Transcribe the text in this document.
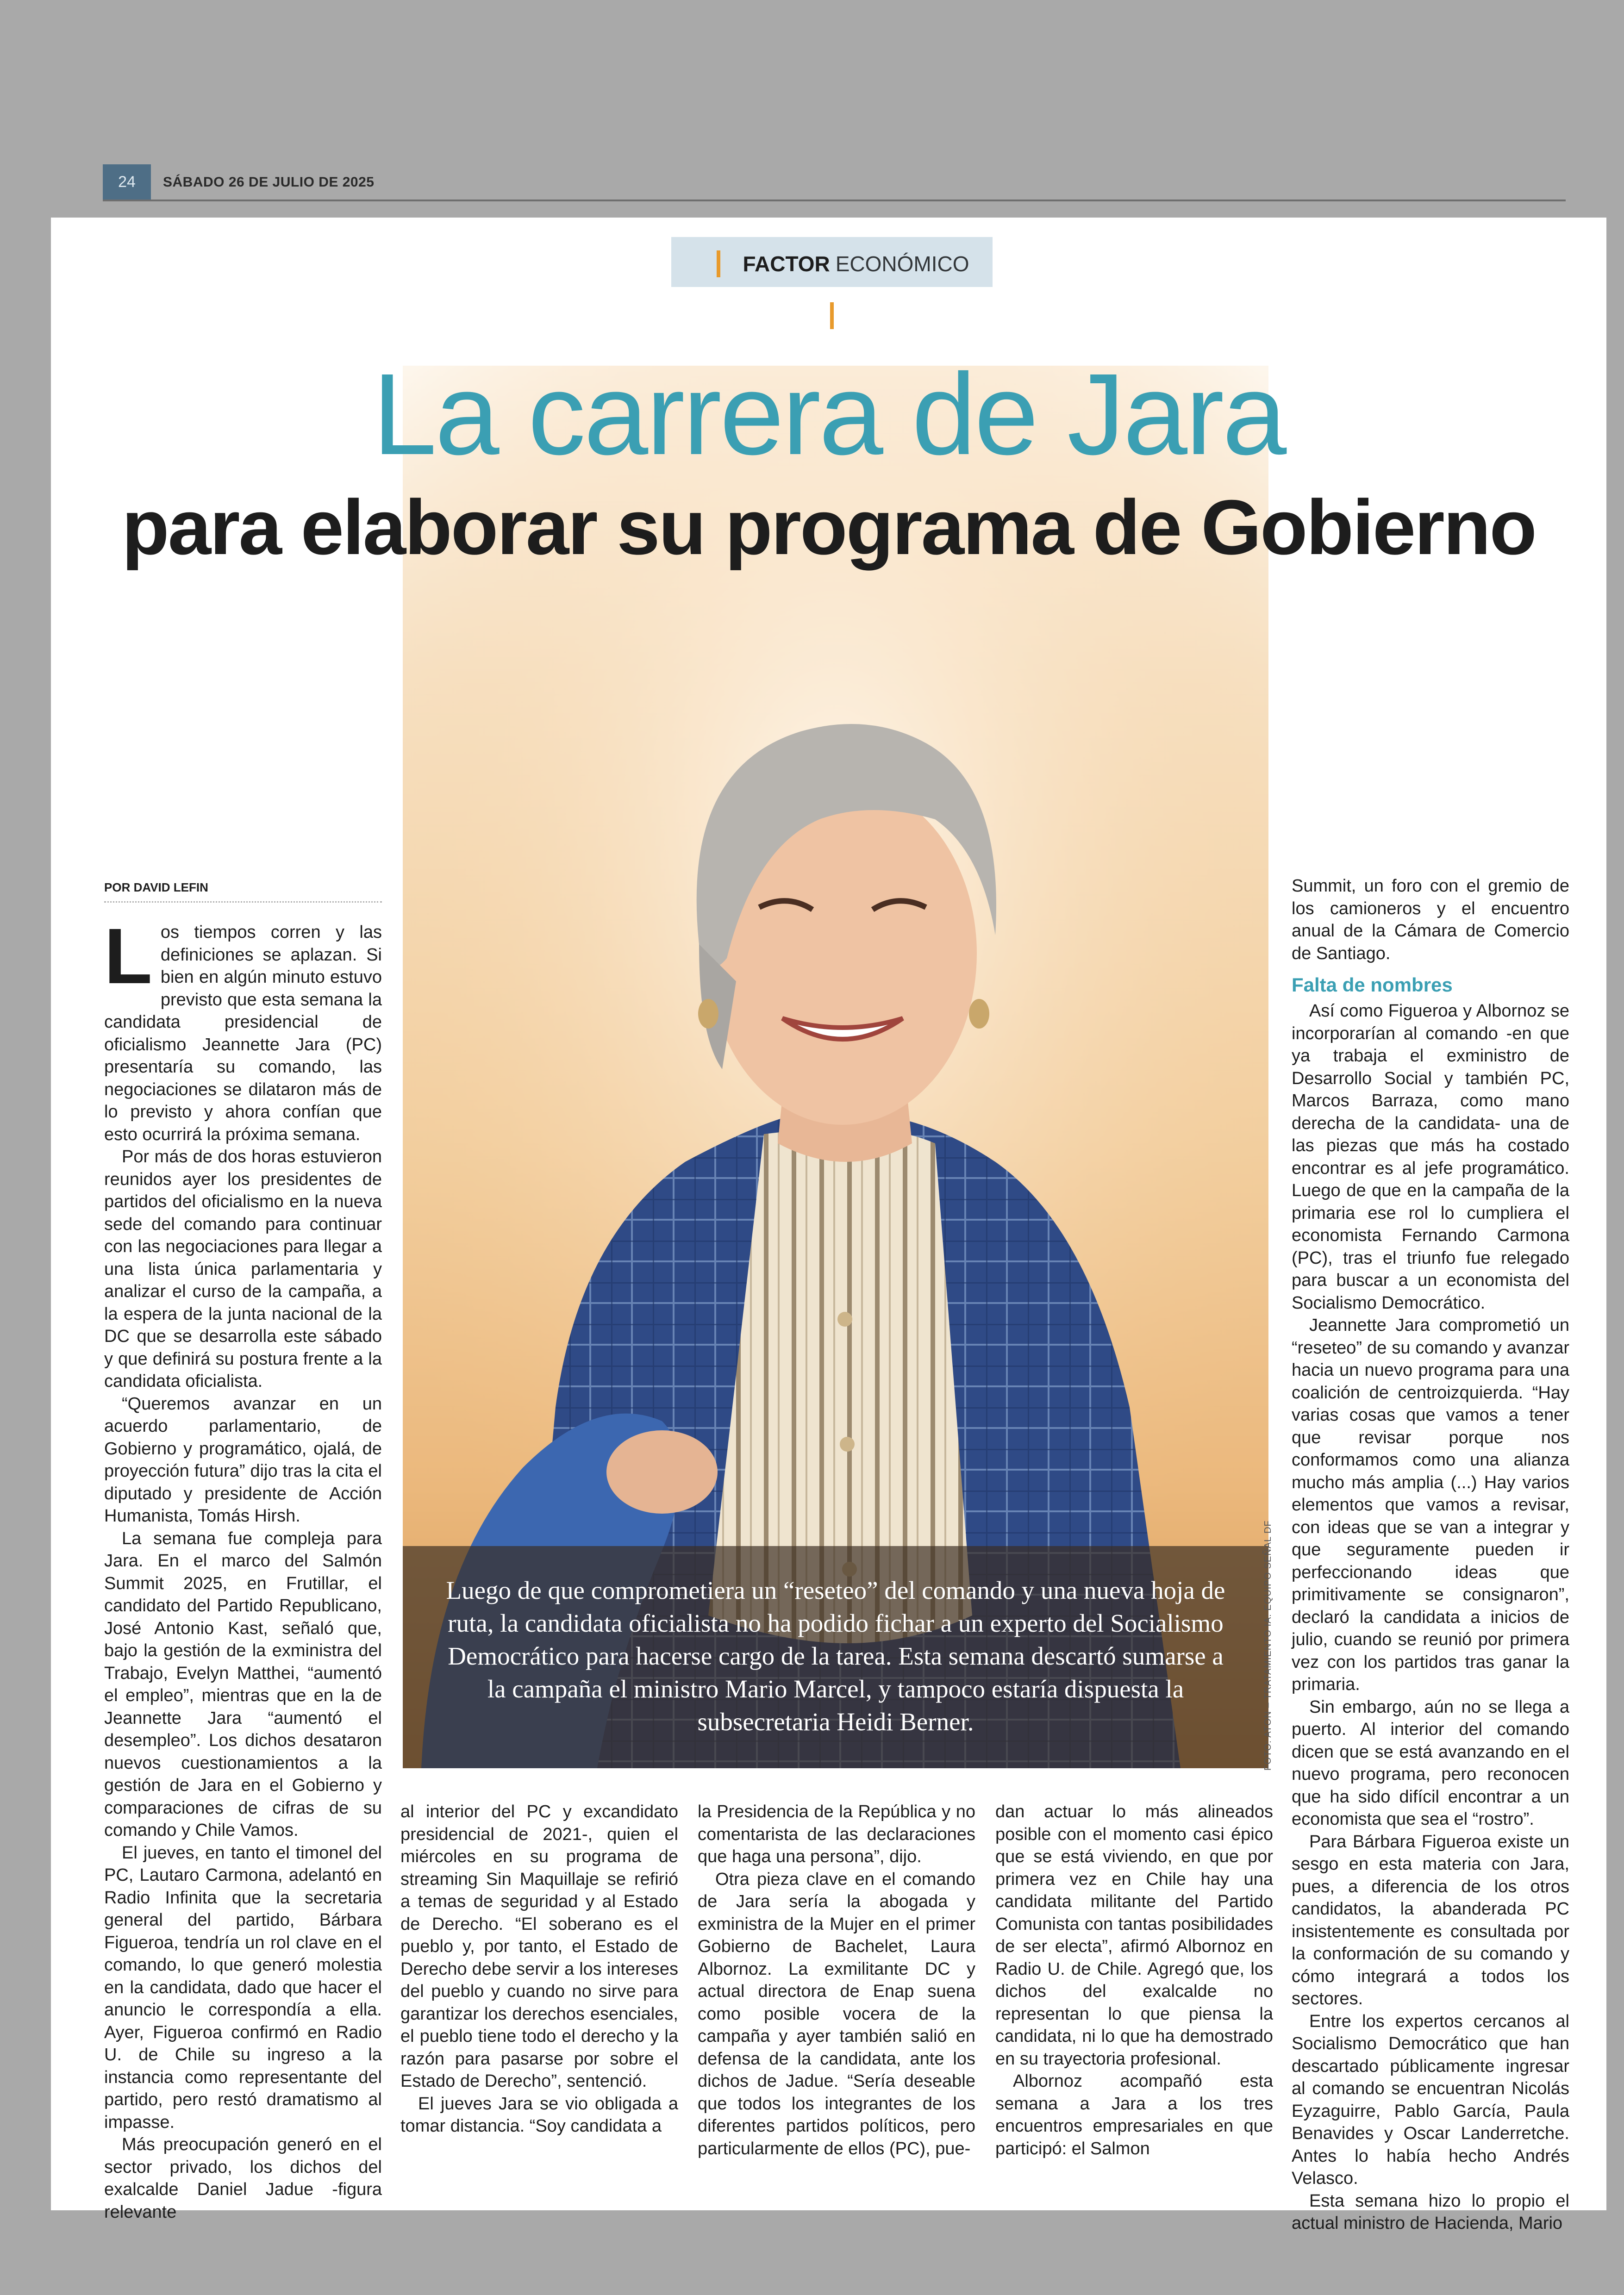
24	SÁBADO 26 DE JULIO DE 2025
FACTOR ECONÓMICO
La carrera de Jara
para elaborar su programa de Gobierno
Luego de que comprometiera un “reseteo” del comando y una nueva hoja de ruta, la candidata oficialista no ha podido fichar a un experto del Socialismo Democrático para hacerse cargo de la tarea. Esta semana descartó sumarse a la campaña el ministro Mario Marcel, y tampoco estaría dispuesta la subsecretaria Heidi Berner.	FOTO: ATON – TRATAMIENTO IA: EQUIPO SEÑAL DF
POR DAVID LEFIN

Los tiempos corren y las definiciones se aplazan. Si bien en algún minuto estuvo previsto que esta semana la candidata presidencial de oficialismo Jeannette Jara (PC) presentaría su comando, las negociaciones se dilataron más de lo previsto y ahora confían que esto ocurrirá la próxima semana.

Por más de dos horas estuvieron reunidos ayer los presidentes de partidos del oficialismo en la nueva sede del comando para continuar con las negociaciones para llegar a una lista única parlamentaria y analizar el curso de la campaña, a la espera de la junta nacional de la DC que se desarrolla este sábado y que definirá su postura frente a la candidata oficialista.

“Queremos avanzar en un acuerdo parlamentario, de Gobierno y programático, ojalá, de proyección futura” dijo tras la cita el diputado y presidente de Acción Humanista, Tomás Hirsh.

La semana fue compleja para Jara. En el marco del Salmón Summit 2025, en Frutillar, el candidato del Partido Republicano, José Antonio Kast, señaló que, bajo la gestión de la exministra del Trabajo, Evelyn Matthei, “aumentó el empleo”, mientras que en la de Jeannette Jara “aumentó el desempleo”. Los dichos desataron nuevos cuestionamientos a la gestión de Jara en el Gobierno y comparaciones de cifras de su comando y Chile Vamos.

El jueves, en tanto el timonel del PC, Lautaro Carmona, adelantó en Radio Infinita que la secretaria general del partido, Bárbara Figueroa, tendría un rol clave en el comando, lo que generó molestia en la candidata, dado que hacer el anuncio le correspondía a ella. Ayer, Figueroa confirmó en Radio U. de Chile su ingreso a la instancia como representante del partido, pero restó dramatismo al impasse.

Más preocupación generó en el sector privado, los dichos del exalcalde Daniel Jadue -figura relevante

al interior del PC y excandidato presidencial de 2021-, quien el miércoles en su programa de streaming Sin Maquillaje se refirió a temas de seguridad y al Estado de Derecho. “El soberano es el pueblo y, por tanto, el Estado de Derecho debe servir a los intereses del pueblo y cuando no sirve para garantizar los derechos esenciales, el pueblo tiene todo el derecho y la razón para pasarse por sobre el Estado de Derecho”, sentenció.

El jueves Jara se vio obligada a tomar distancia. “Soy candidata a

la Presidencia de la República y no comentarista de las declaraciones que haga una persona”, dijo.

Otra pieza clave en el comando de Jara sería la abogada y exministra de la Mujer en el primer Gobierno de Bachelet, Laura Albornoz. La exmilitante DC y actual directora de Enap suena como posible vocera de la campaña y ayer también salió en defensa de la candidata, ante los dichos de Jadue. “Sería deseable que todos los integrantes de los diferentes partidos políticos, pero particularmente de ellos (PC), pue-

dan actuar lo más alineados posible con el momento casi épico que se está viviendo, en que por primera vez en Chile hay una candidata militante del Partido Comunista con tantas posibilidades de ser electa”, afirmó Albornoz en Radio U. de Chile. Agregó que, los dichos del exalcalde no representan lo que piensa la candidata, ni lo que ha demostrado en su trayectoria profesional.

Albornoz acompañó esta semana a Jara a los tres encuentros empresariales en que participó: el Salmon

Summit, un foro con el gremio de los camioneros y el encuentro anual de la Cámara de Comercio de Santiago.

Falta de nombres

Así como Figueroa y Albornoz se incorporarían al comando -en que ya trabaja el exministro de Desarrollo Social y también PC, Marcos Barraza, como mano derecha de la candidata- una de las piezas que más ha costado encontrar es al jefe programático. Luego de que en la campaña de la primaria ese rol lo cumpliera el economista Fernando Carmona (PC), tras el triunfo fue relegado para buscar a un economista del Socialismo Democrático.

Jeannette Jara comprometió un “reseteo” de su comando y avanzar hacia un nuevo programa para una coalición de centroizquierda. “Hay varias cosas que vamos a tener que revisar porque nos conformamos como una alianza mucho más amplia (...) Hay varios elementos que vamos a revisar, con ideas que se van a integrar y que seguramente pueden ir perfeccionando ideas que primitivamente se consignaron”, declaró la candidata a inicios de julio, cuando se reunió por primera vez con los partidos tras ganar la primaria.

Sin embargo, aún no se llega a puerto. Al interior del comando dicen que se está avanzando en el nuevo programa, pero reconocen que ha sido difícil encontrar a un economista que sea el “rostro”.

Para Bárbara Figueroa existe un sesgo en esta materia con Jara, pues, a diferencia de los otros candidatos, la abanderada PC insistentemente es consultada por la conformación de su comando y cómo integrará a todos los sectores.

Entre los expertos cercanos al Socialismo Democrático que han descartado públicamente ingresar al comando se encuentran Nicolás Eyzaguirre, Pablo García, Paula Benavides y Oscar Landerretche. Antes lo había hecho Andrés Velasco.

Esta semana hizo lo propio el actual ministro de Hacienda, Mario
